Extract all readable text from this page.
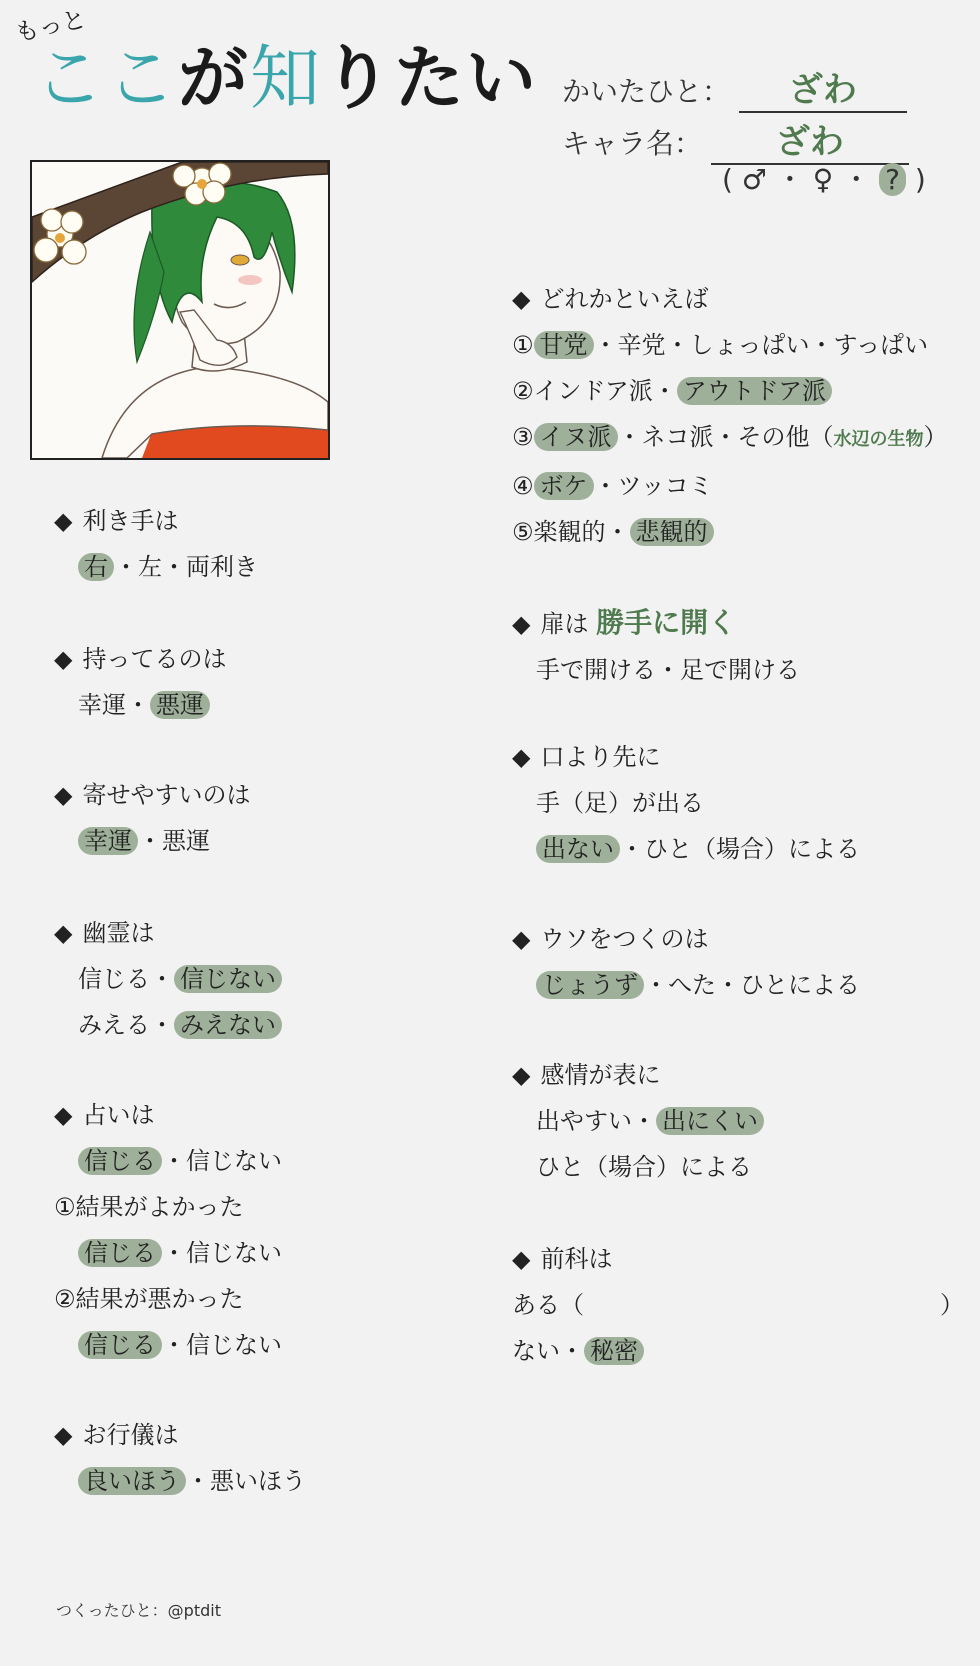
もっと
ここが知りたい かいたひと： ざわ
キャラ名： ざわ
( ♂ ・ ♀ ・ ? )
◆ 利き手は
右 ・左・両利き
◆ 持ってるのは
幸運・ 悪運
◆ 寄せやすいのは
幸運 ・悪運
◆ 幽霊は
信じる・ 信じない
みえる・ みえない
◆ 占いは
信じる ・信じない
①結果がよかった
信じる ・信じない
②結果が悪かった
信じる ・信じない
◆ お行儀は
良いほう ・悪いほう
◆ どれかといえば
① 甘党 ・辛党・しょっぱい・すっぱい
②インドア派・ アウトドア派
③ イヌ派 ・ネコ派・その他（水辺の生物）
④ ボケ ・ツッコミ
⑤楽観的・ 悲観的
◆ 扉は 勝手に開く
手で開ける・足で開ける
◆ 口より先に
手（足）が出る
出ない ・ひと（場合）による
◆ ウソをつくのは
じょうず ・へた・ひとによる
◆ 感情が表に
出やすい・ 出にくい
ひと（場合）による
◆ 前科は
ある（	）
ない・ 秘密
つくったひと：@ptdit
